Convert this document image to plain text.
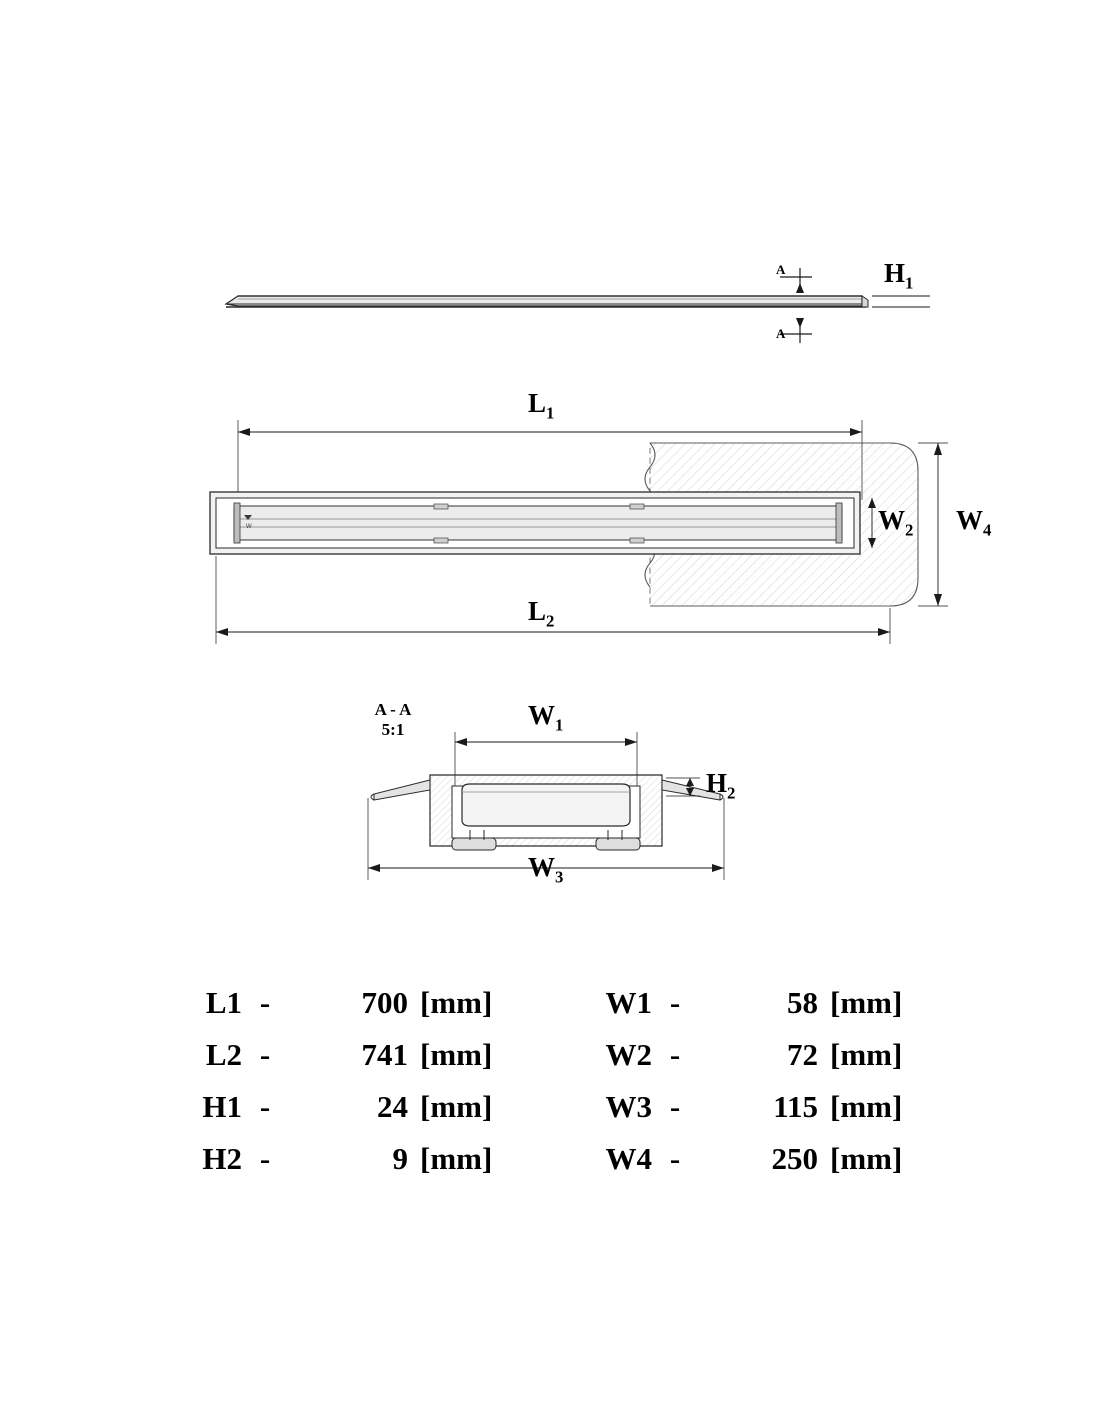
W
$H_1$
A
A
$L_1$
$L_2$
$W_2$ $W_4$
A - A
5:1	$W_1$
$H_2$
$W_3$
L1 -	700 [mm]	W1 -	58 [mm]
L2 -	741 [mm]	W2 -	72 [mm]
H1 -	24 [mm]	W3 -	115 [mm]
H2 -	9 [mm]	W4 -	250 [mm]
